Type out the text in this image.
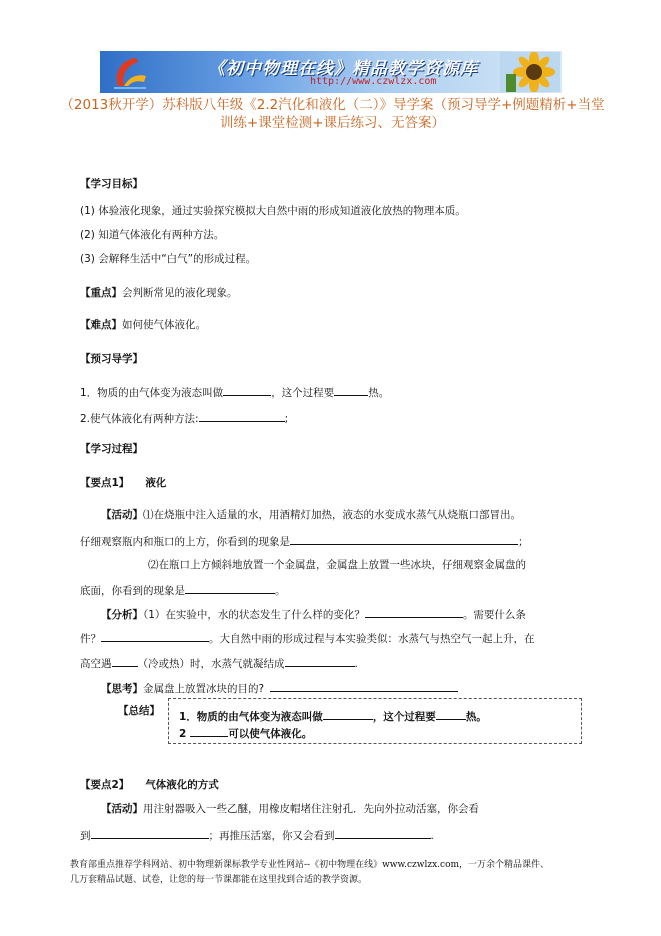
《初中物理在线》精品教学资源库
http://www.czwlzx.com
（2013秋开学）苏科版八年级《2.2汽化和液化（二）》导学案（预习导学+例题精析+当堂训练+课堂检测+课后练习、无答案）
【学习目标】
(1) 体验液化现象，通过实验探究模拟大自然中雨的形成知道液化放热的物理本质。
(2) 知道气体液化有两种方法。
(3) 会解释生活中“白气”的形成过程。
【重点】会判断常见的液化现象。
【难点】如何使气体液化。
【预习导学】
1．物质的由气体变为液态叫做	，这个过程要	热。
2.使气体液化有两种方法:	;
【学习过程】
【要点1】 液化
【活动】⑴在烧瓶中注入适量的水，用酒精灯加热，液态的水变成水蒸气从烧瓶口部冒出。
仔细观察瓶内和瓶口的上方，你看到的现象是	；
⑵在瓶口上方倾斜地放置一个金属盘，金属盘上放置一些冰块，仔细观察金属盘的
底面，你看到的现象是	。
【分析】（1）在实验中，水的状态发生了什么样的变化？	。需要什么条
件？	。大自然中雨的形成过程与本实验类似：水蒸气与热空气一起上升，在
高空遇 （冷或热）时，水蒸气就凝结成	.
【思考】金属盘上放置冰块的目的?
【总结】 1．物质的由气体变为液态叫做	，这个过程要	热。
2	可以使气体液化。
【要点2】 气体液化的方式
【活动】用注射器吸入一些乙醚，用橡皮帽堵住注射孔．先向外拉动活塞，你会看
到	；再推压活塞，你又会看到	.
教育部重点推荐学科网站、初中物理新课标教学专业性网站--《初中物理在线》www.czwlzx.com，一万余个精品课件、
几万套精品试题、试卷，让您的每一节课都能在这里找到合适的教学资源。
